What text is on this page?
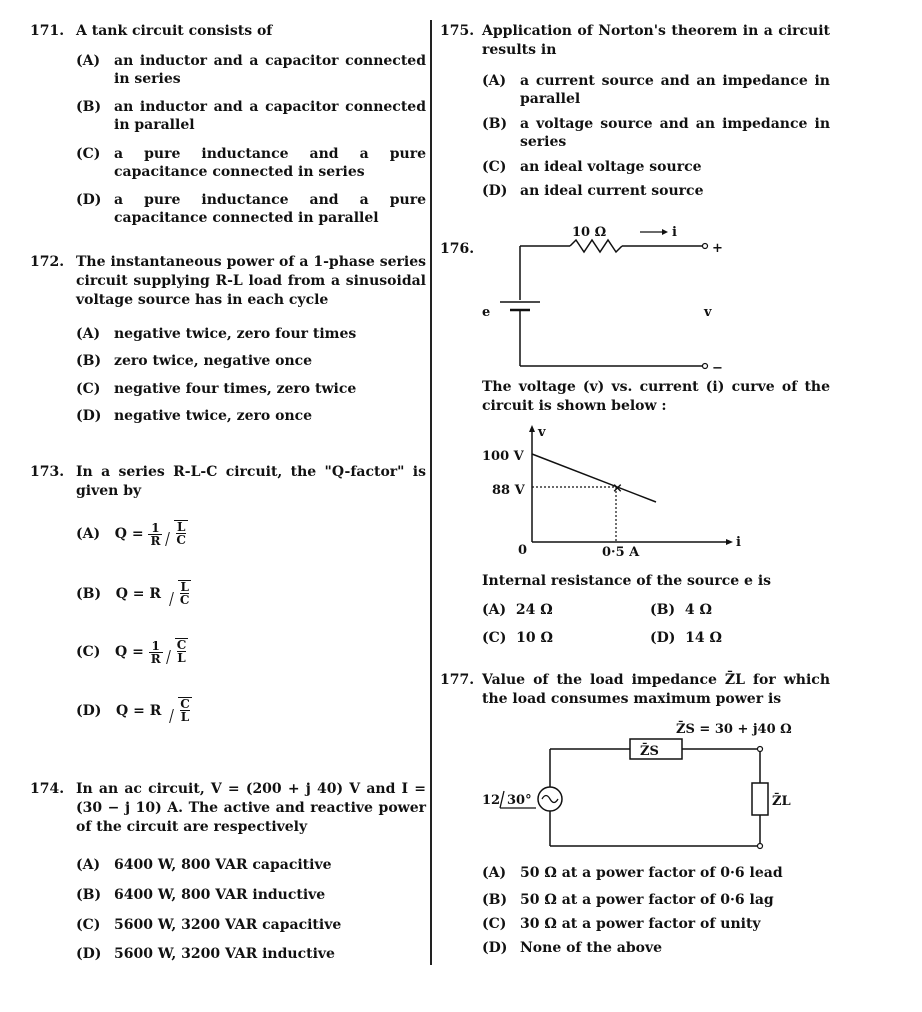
171. A tank circuit consists of
(A) an inductor and a capacitor connected in series
(B) an inductor and a capacitor connected in parallel
(C) a pure inductance and a pure capacitance connected in series
(D) a pure inductance and a pure capacitance connected in parallel
172. The instantaneous power of a 1-phase series circuit supplying R-L load from a sinusoidal voltage source has in each cycle
(A) negative twice, zero four times
(B) zero twice, negative once
(C) negative four times, zero twice
(D) negative twice, zero once
173. In a series R-L-C circuit, the "Q-factor" is given by
(A) $Q = \frac{1}{R} \frac{L}{C}$
(B) Q = R $\frac{L}{C}$
(C) $Q = \frac{1}{R} \frac{C}{L}$
(D) Q = R $\frac{C}{L}$
174. In an ac circuit, V = (200 + j 40) V and I = (30 − j 10) A. The active and reactive power of the circuit are respectively
(A) 6400 W, 800 VAR capacitive
(B) 6400 W, 800 VAR inductive
(C) 5600 W, 3200 VAR capacitive
(D) 5600 W, 3200 VAR inductive
175. Application of Norton's theorem in a circuit results in
(A) a current source and an impedance in parallel
(B) a voltage source and an impedance in series
(C) an ideal voltage source
(D) an ideal current source
176.
10 Ω	i
+
−
e	v
The voltage (v) vs. current (i) curve of the circuit is shown below :
×
v
i
100 V
88 V
0	0·5 A
Internal resistance of the source e is
(A) 24 Ω	(B) 4 Ω
(C) 10 Ω	(D) 14 Ω
177. Value of the load impedance Z̄L for which the load consumes maximum power is
Z̄S = 30 + j40 Ω
Z̄S
Z̄L
12 30°
(A) 50 Ω at a power factor of 0·6 lead
(B) 50 Ω at a power factor of 0·6 lag
(C) 30 Ω at a power factor of unity
(D) None of the above
